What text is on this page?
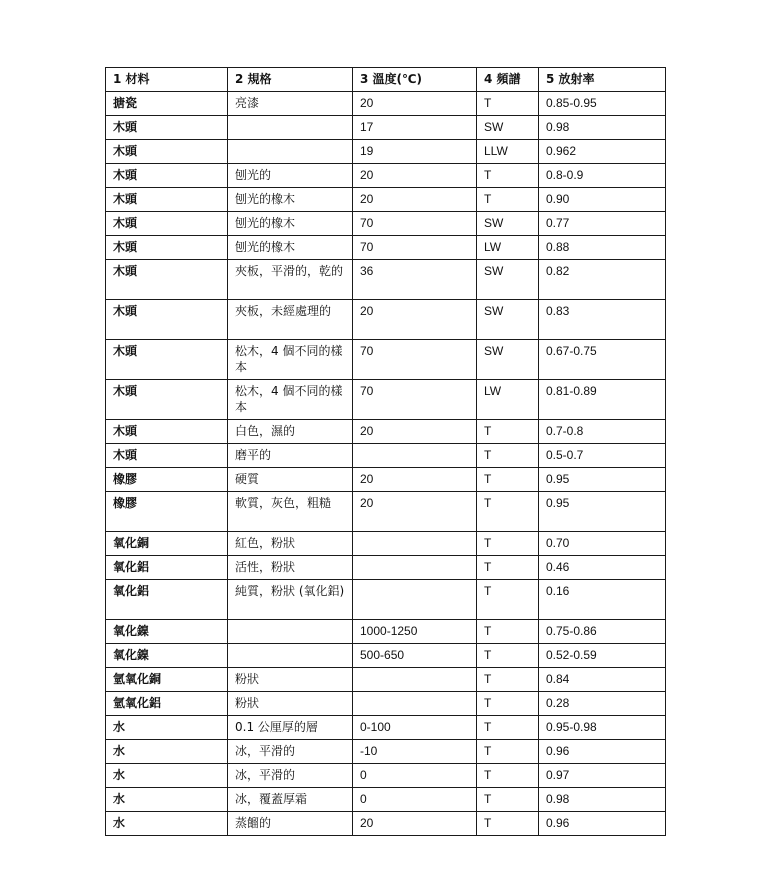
1 材料	2 規格	3 溫度(℃)	4 頻譜	5 放射率
搪瓷	亮漆	20	T	0.85-0.95
木頭		17	SW	0.98
木頭		19	LLW	0.962
木頭	刨光的	20	T	0.8-0.9
木頭	刨光的橡木	20	T	0.90
木頭	刨光的橡木	70	SW	0.77
木頭	刨光的橡木	70	LW	0.88
木頭	夾板，平滑的，乾的	36	SW	0.82
木頭	夾板，未經處理的	20	SW	0.83
木頭	松木，4 個不同的樣本	70	SW	0.67-0.75
木頭	松木，4 個不同的樣本	70	LW	0.81-0.89
木頭	白色，濕的	20	T	0.7-0.8
木頭	磨平的		T	0.5-0.7
橡膠	硬質	20	T	0.95
橡膠	軟質，灰色，粗糙	20	T	0.95
氧化銅	紅色，粉狀		T	0.70
氧化鋁	活性，粉狀		T	0.46
氧化鋁	純質，粉狀 (氧化鋁)		T	0.16
氧化鎳		1000-1250	T	0.75-0.86
氧化鎳		500-650	T	0.52-0.59
氫氧化銅	粉狀		T	0.84
氫氧化鋁	粉狀		T	0.28
水	0.1 公厘厚的層	0-100	T	0.95-0.98
水	冰，平滑的	-10	T	0.96
水	冰，平滑的	0	T	0.97
水	冰，覆蓋厚霜	0	T	0.98
水	蒸餾的	20	T	0.96
